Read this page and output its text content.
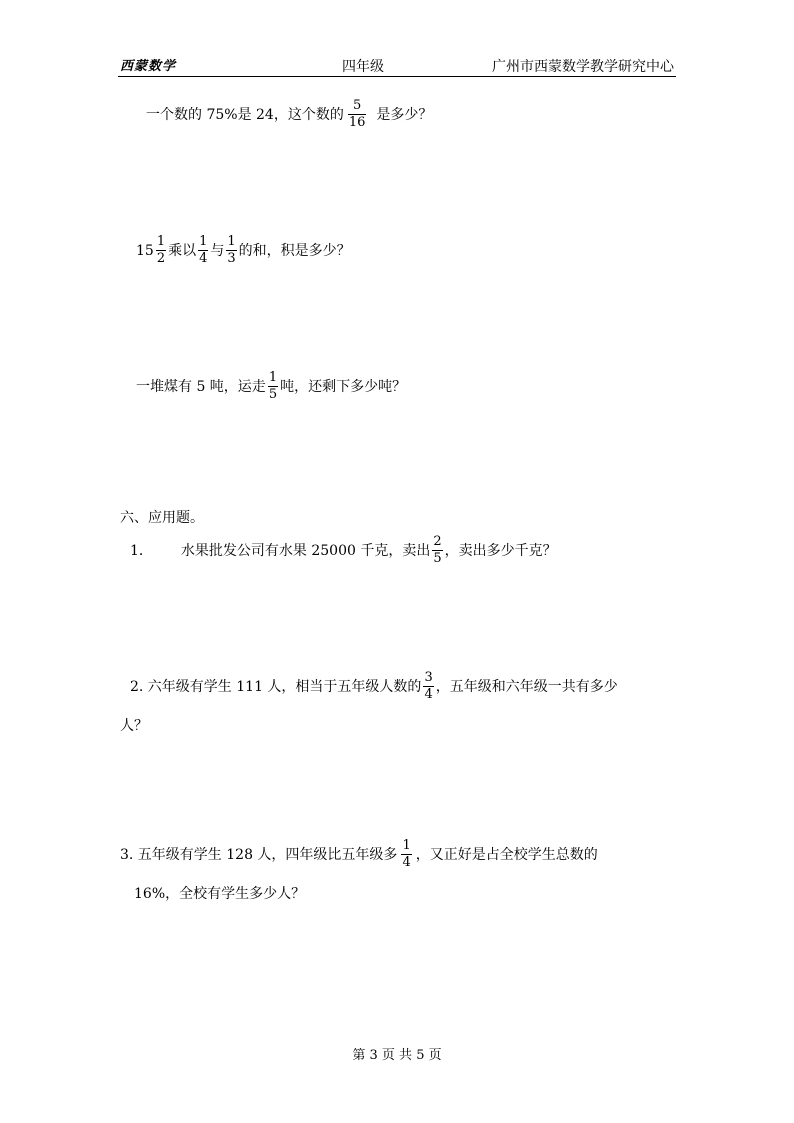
西蒙数学	四年级	广州市西蒙数学教学研究中心
一个数的 75%是 24，这个数的 $\frac{5}{16}$ 是多少？
$15 \frac{1}{2}$ 乘以 $\frac{1}{4}$ 与 $\frac{1}{3}$ 的和，积是多少？
一堆煤有 5 吨，运走 $\frac{1}{5}$ 吨，还剩下多少吨？
六、应用题。
1． 水果批发公司有水果 25000 千克，卖出 $\frac{2}{5}$ ，卖出多少千克？
2. 六年级有学生 111 人，相当于五年级人数的 $\frac{3}{4}$ ，五年级和六年级一共有多少
人？
3. 五年级有学生 128 人，四年级比五年级多 $\frac{1}{4}$ ，又正好是占全校学生总数的
16%，全校有学生多少人？
第 3 页 共 5 页
